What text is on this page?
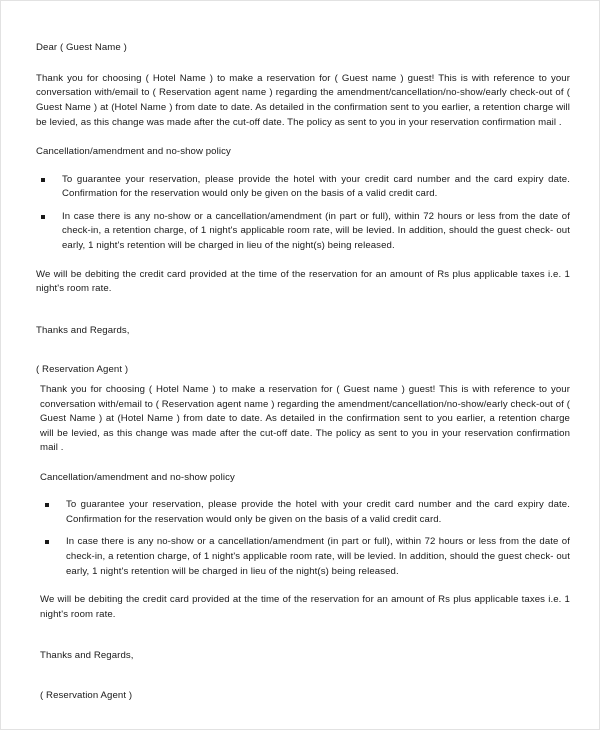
Dear ( Guest Name )

Thank you for choosing ( Hotel Name ) to make a reservation for ( Guest name ) guest! This is with reference to your conversation with/email to ( Reservation agent name ) regarding the amendment/cancellation/no-show/early check-out of ( Guest Name ) at (Hotel Name ) from date to date. As detailed in the confirmation sent to you earlier, a retention charge will be levied, as this change was made after the cut-off date. The policy as sent to you in your reservation confirmation mail .

Cancellation/amendment and no-show policy

To guarantee your reservation, please provide the hotel with your credit card number and the card expiry date. Confirmation for the reservation would only be given on the basis of a valid credit card.
In case there is any no-show or a cancellation/amendment (in part or full), within 72 hours or less from the date of check-in, a retention charge, of 1 night's applicable room rate, will be levied. In addition, should the guest check- out early, 1 night's retention will be charged in lieu of the night(s) being released.

We will be debiting the credit card provided at the time of the reservation for an amount of Rs plus applicable taxes i.e. 1 night's room rate.

Thanks and Regards,

( Reservation Agent )

Thank you for choosing ( Hotel Name ) to make a reservation for ( Guest name ) guest! This is with reference to your conversation with/email to ( Reservation agent name ) regarding the amendment/cancellation/no-show/early check-out of ( Guest Name ) at (Hotel Name ) from date to date. As detailed in the confirmation sent to you earlier, a retention charge will be levied, as this change was made after the cut-off date. The policy as sent to you in your reservation confirmation mail .

Cancellation/amendment and no-show policy

To guarantee your reservation, please provide the hotel with your credit card number and the card expiry date. Confirmation for the reservation would only be given on the basis of a valid credit card.
In case there is any no-show or a cancellation/amendment (in part or full), within 72 hours or less from the date of check-in, a retention charge, of 1 night's applicable room rate, will be levied. In addition, should the guest check- out early, 1 night's retention will be charged in lieu of the night(s) being released.

We will be debiting the credit card provided at the time of the reservation for an amount of Rs plus applicable taxes i.e. 1 night's room rate.

Thanks and Regards,

( Reservation Agent )
